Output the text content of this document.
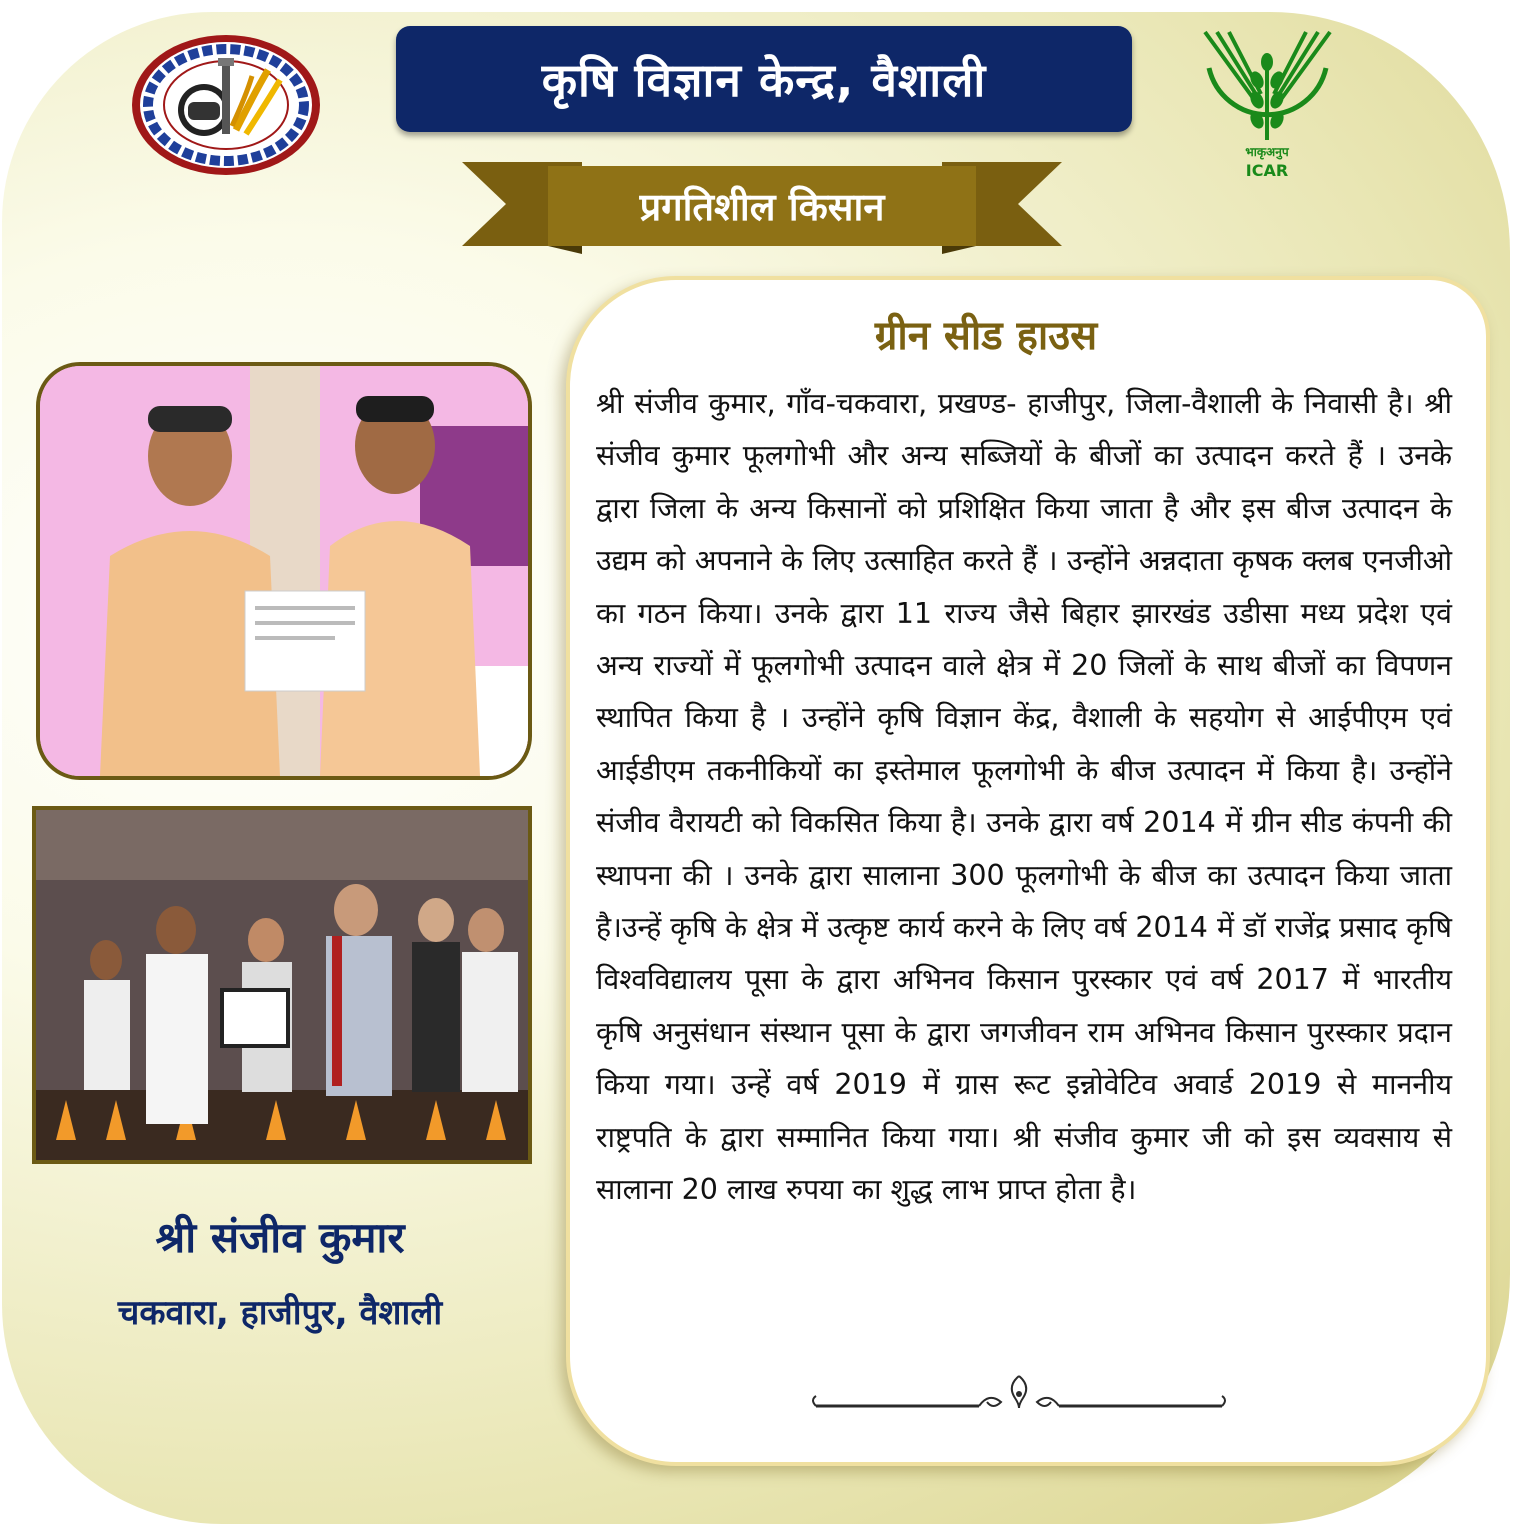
भाकृअनुप
ICAR
कृषि विज्ञान केन्द्र, वैशाली
प्रगतिशील किसान
श्री संजीव कुमार
चकवारा, हाजीपुर, वैशाली
ग्रीन सीड हाउस
श्री संजीव कुमार, गाँव-चकवारा, प्रखण्ड- हाजीपुर, जिला-वैशाली के निवासी है। श्री संजीव कुमार फूलगोभी और अन्य सब्जियों के बीजों का उत्पादन करते हैं । उनके द्वारा जिला के अन्य किसानों को प्रशिक्षित किया जाता है और इस बीज उत्पादन के उद्यम को अपनाने के लिए उत्साहित करते हैं । उन्होंने अन्नदाता कृषक क्लब एनजीओ का गठन किया। उनके द्वारा 11 राज्य जैसे बिहार झारखंड उडीसा मध्य प्रदेश एवं अन्य राज्यों में फूलगोभी उत्पादन वाले क्षेत्र में 20 जिलों के साथ बीजों का विपणन स्थापित किया है । उन्होंने कृषि विज्ञान केंद्र, वैशाली के सहयोग से आईपीएम एवं आईडीएम तकनीकियों का इस्तेमाल फूलगोभी के बीज उत्पादन में किया है। उन्होंने संजीव वैरायटी को विकसित किया है। उनके द्वारा वर्ष 2014 में ग्रीन सीड कंपनी की स्थापना की । उनके द्वारा सालाना 300 फूलगोभी के बीज का उत्पादन किया जाता है।उन्हें कृषि के क्षेत्र में उत्कृष्ट कार्य करने के लिए वर्ष 2014 में डॉ राजेंद्र प्रसाद कृषि विश्वविद्यालय पूसा के द्वारा अभिनव किसान पुरस्कार एवं वर्ष 2017 में भारतीय कृषि अनुसंधान संस्थान पूसा के द्वारा जगजीवन राम अभिनव किसान पुरस्कार प्रदान किया गया। उन्हें वर्ष 2019 में ग्रास रूट इन्नोवेटिव अवार्ड 2019 से माननीय राष्ट्रपति के द्वारा सम्मानित किया गया। श्री संजीव कुमार जी को इस व्यवसाय से सालाना 20 लाख रुपया का शुद्ध लाभ प्राप्त होता है।
